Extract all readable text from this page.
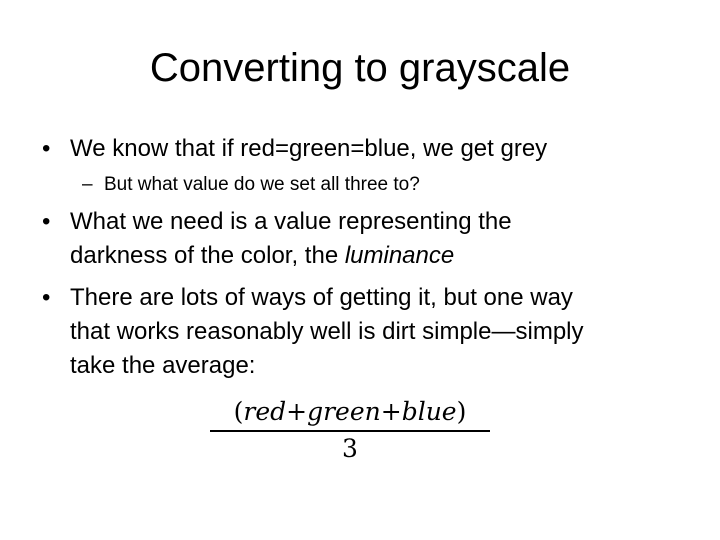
Converting to grayscale
• We know that if red=green=blue, we get grey
– But what value do we set all three to?
• What we need is a value representing the
darkness of the color, the luminance
• There are lots of ways of getting it, but one way
that works reasonably well is dirt simple—simply
take the average:
(red+green+blue)
3
